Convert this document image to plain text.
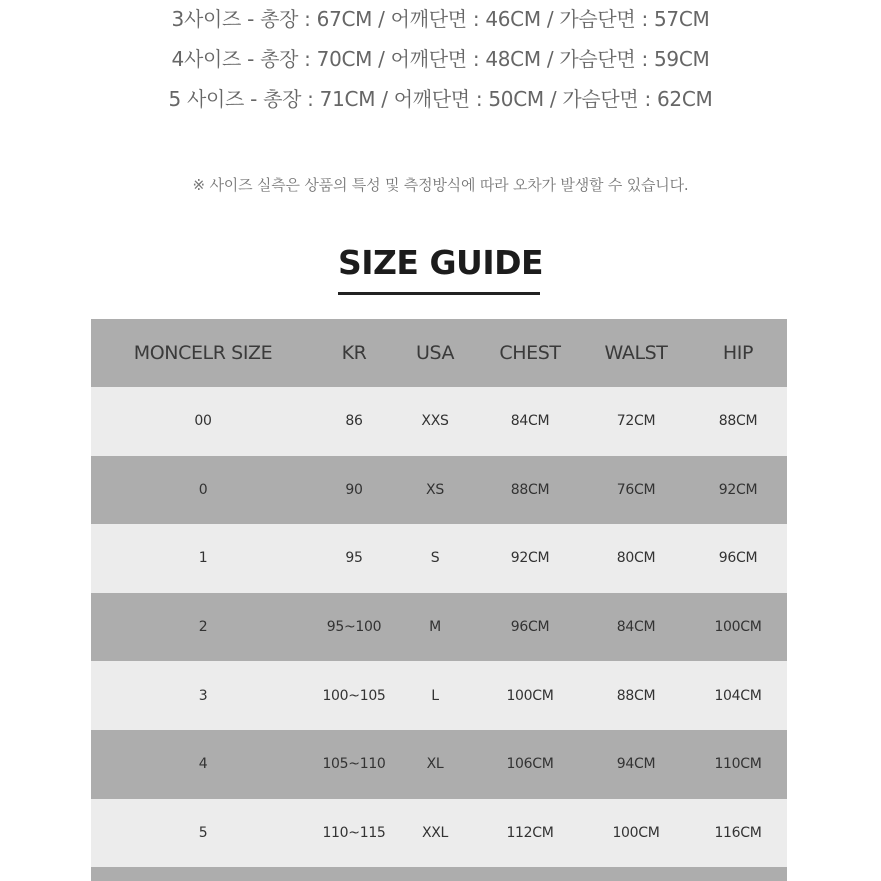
3사이즈 - 총장 : 67CM / 어깨단면 : 46CM / 가슴단면 : 57CM
4사이즈 - 총장 : 70CM / 어깨단면 : 48CM / 가슴단면 : 59CM
5 사이즈 - 총장 : 71CM / 어깨단면 : 50CM / 가슴단면 : 62CM
※ 사이즈 실측은 상품의 특성 및 측정방식에 따라 오차가 발생할 수 있습니다.
SIZE GUIDE
MONCELR SIZE	KR	USA	CHEST	WALST	HIP
00	86	XXS	84CM	72CM	88CM
0	90	XS	88CM	76CM	92CM
1	95	S	92CM	80CM	96CM
2	95~100	M	96CM	84CM	100CM
3	100~105	L	100CM	88CM	104CM
4	105~110	XL	106CM	94CM	110CM
5	110~115	XXL	112CM	100CM	116CM
